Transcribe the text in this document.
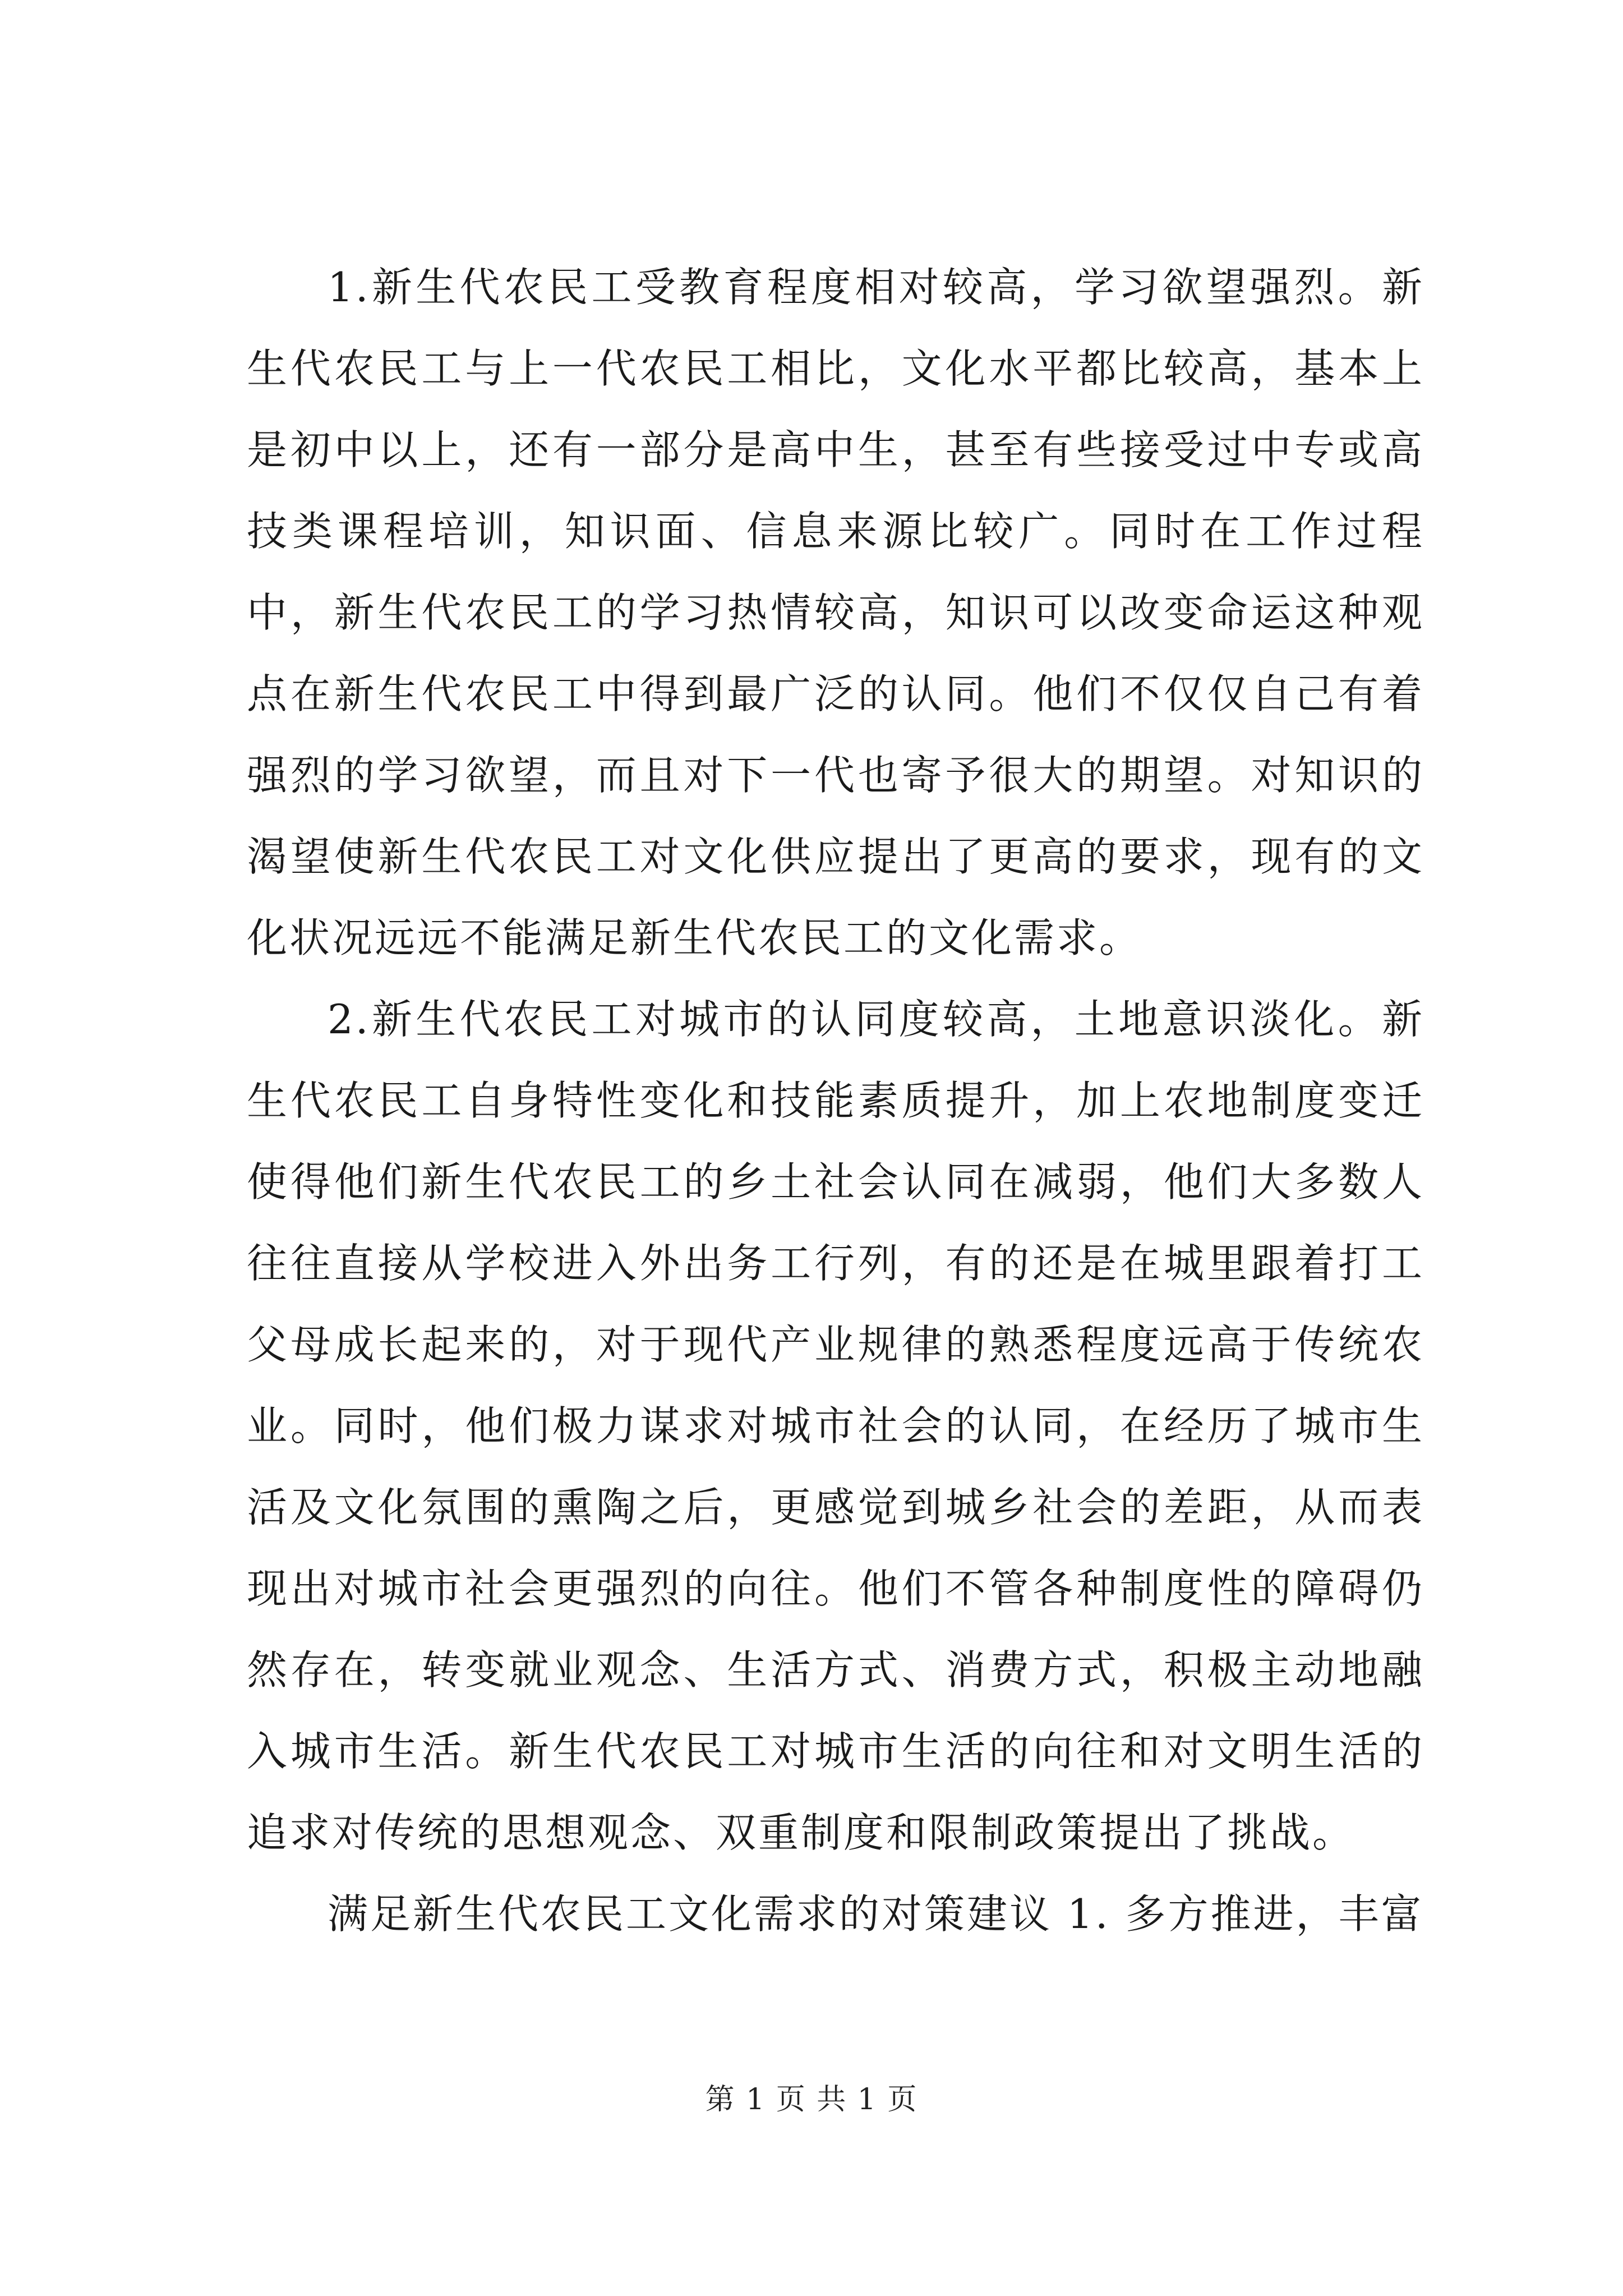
1.新生代农民工受教育程度相对较高，学习欲望强烈。新生代农民工与上一代农民工相比，文化水平都比较高，基本上是初中以上，还有一部分是高中生，甚至有些接受过中专或高技类课程培训，知识面、信息来源比较广。同时在工作过程中，新生代农民工的学习热情较高，知识可以改变命运这种观点在新生代农民工中得到最广泛的认同。他们不仅仅自己有着强烈的学习欲望，而且对下一代也寄予很大的期望。对知识的渴望使新生代农民工对文化供应提出了更高的要求，现有的文化状况远远不能满足新生代农民工的文化需求。

2.新生代农民工对城市的认同度较高，土地意识淡化。新生代农民工自身特性变化和技能素质提升，加上农地制度变迁使得他们新生代农民工的乡土社会认同在减弱，他们大多数人往往直接从学校进入外出务工行列，有的还是在城里跟着打工父母成长起来的，对于现代产业规律的熟悉程度远高于传统农业。同时，他们极力谋求对城市社会的认同，在经历了城市生活及文化氛围的熏陶之后，更感觉到城乡社会的差距，从而表现出对城市社会更强烈的向往。他们不管各种制度性的障碍仍然存在，转变就业观念、生活方式、消费方式，积极主动地融入城市生活。新生代农民工对城市生活的向往和对文明生活的追求对传统的思想观念、双重制度和限制政策提出了挑战。

满足新生代农民工文化需求的对策建议 1. 多方推进，丰富

第 1 页 共 1 页
